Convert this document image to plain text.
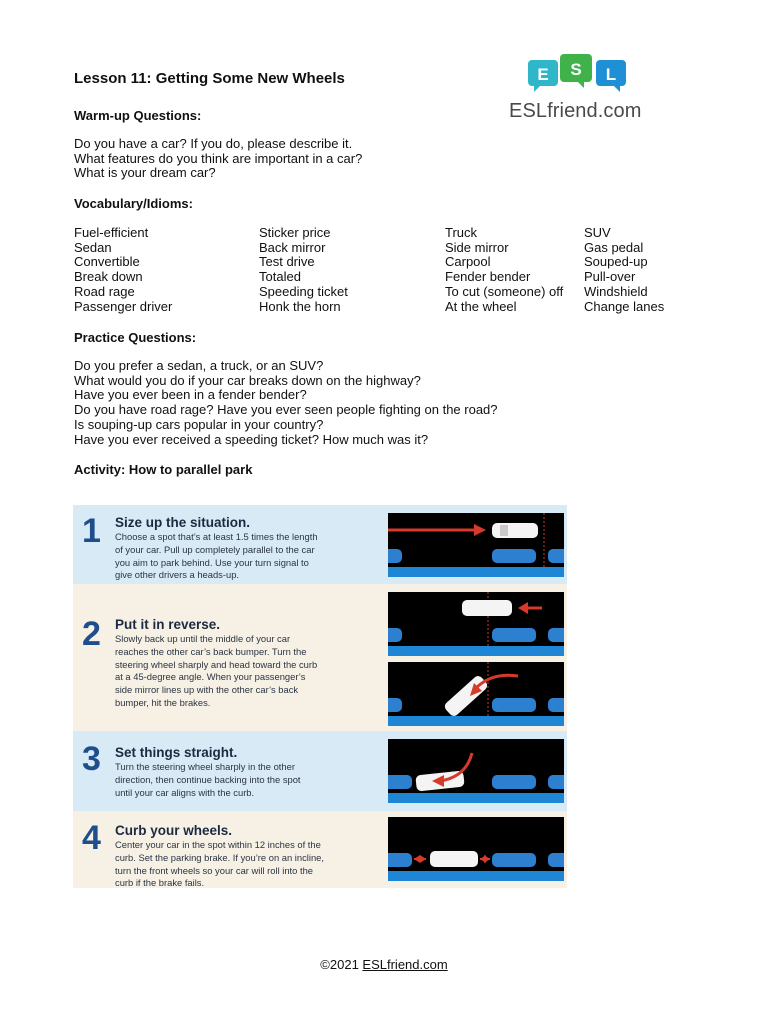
Lesson 11: Getting Some New Wheels	E S L
ESLfriend.com
Warm-up Questions:
Do you have a car? If you do, please describe it.
What features do you think are important in a car?
What is your dream car?
Vocabulary/Idioms:
Fuel-efficient
Sedan
Convertible
Break down
Road rage
Passenger driver
Sticker price
Back mirror
Test drive
Totaled
Speeding ticket
Honk the horn
Truck
Side mirror
Carpool
Fender bender
To cut (someone) off
At the wheel
SUV
Gas pedal
Souped-up
Pull-over
Windshield
Change lanes
Practice Questions:
Do you prefer a sedan, a truck, or an SUV?
What would you do if your car breaks down on the highway?
Have you ever been in a fender bender?
Do you have road rage? Have you ever seen people fighting on the road?
Is souping-up cars popular in your country?
Have you ever received a speeding ticket? How much was it?
Activity: How to parallel park
1 Size up the situation.
Choose a spot that’s at least 1.5 times the length
of your car. Pull up completely parallel to the car
you aim to park behind. Use your turn signal to
give other drivers a heads-up.
2 Put it in reverse.
Slowly back up until the middle of your car
reaches the other car’s back bumper. Turn the
steering wheel sharply and head toward the curb
at a 45-degree angle. When your passenger’s
side mirror lines up with the other car’s back
bumper, hit the brakes.
3 Set things straight.
Turn the steering wheel sharply in the other
direction, then continue backing into the spot
until your car aligns with the curb.
4 Curb your wheels.
Center your car in the spot within 12 inches of the
curb. Set the parking brake. If you’re on an incline,
turn the front wheels so your car will roll into the
curb if the brake fails.
©2021 ESLfriend.com
